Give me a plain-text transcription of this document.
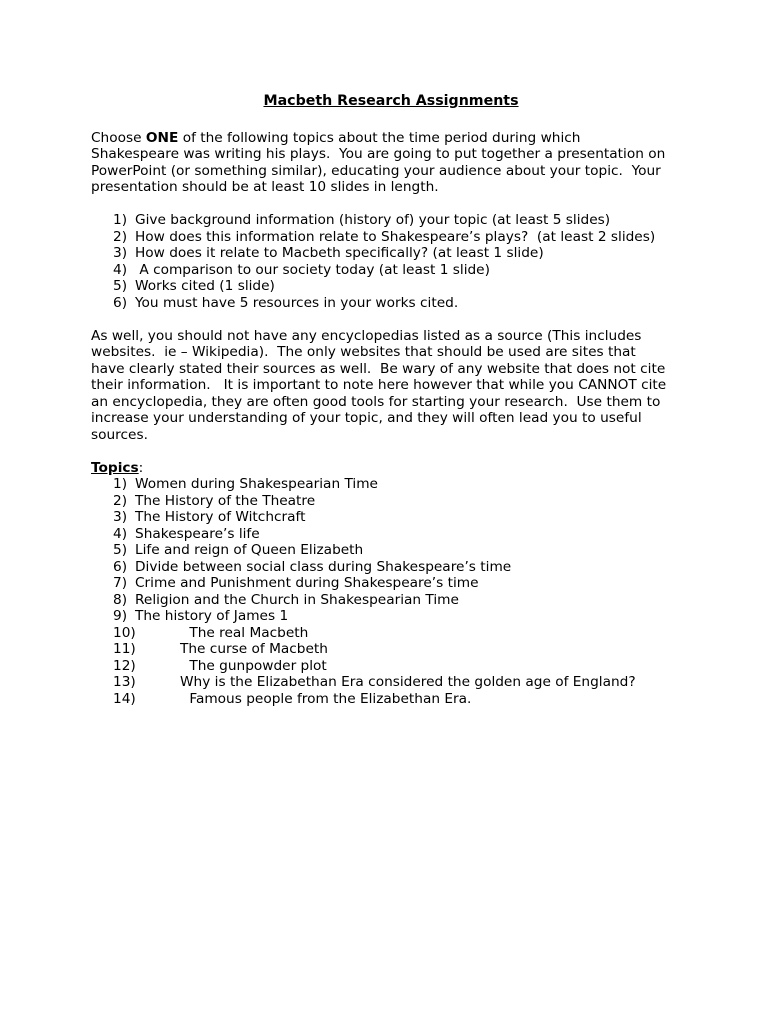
Macbeth Research Assignments
Choose ONE of the following topics about the time period during which
Shakespeare was writing his plays.  You are going to put together a presentation on
PowerPoint (or something similar), educating your audience about your topic.  Your
presentation should be at least 10 slides in length.
1) Give background information (history of) your topic (at least 5 slides)
2) How does this information relate to Shakespeare’s plays?  (at least 2 slides)
3) How does it relate to Macbeth specifically? (at least 1 slide)
4) A comparison to our society today (at least 1 slide)
5) Works cited (1 slide)
6) You must have 5 resources in your works cited.
As well, you should not have any encyclopedias listed as a source (This includes
websites.  ie – Wikipedia).  The only websites that should be used are sites that
have clearly stated their sources as well.  Be wary of any website that does not cite
their information.   It is important to note here however that while you CANNOT cite
an encyclopedia, they are often good tools for starting your research.  Use them to
increase your understanding of your topic, and they will often lead you to useful
sources.
Topics:
1) Women during Shakespearian Time
2) The History of the Theatre
3) The History of Witchcraft
4) Shakespeare’s life
5) Life and reign of Queen Elizabeth
6) Divide between social class during Shakespeare’s time
7) Crime and Punishment during Shakespeare’s time
8) Religion and the Church in Shakespearian Time
9) The history of James 1
10)	The real Macbeth
11)	The curse of Macbeth
12)	The gunpowder plot
13)	Why is the Elizabethan Era considered the golden age of England?
14)	Famous people from the Elizabethan Era.
